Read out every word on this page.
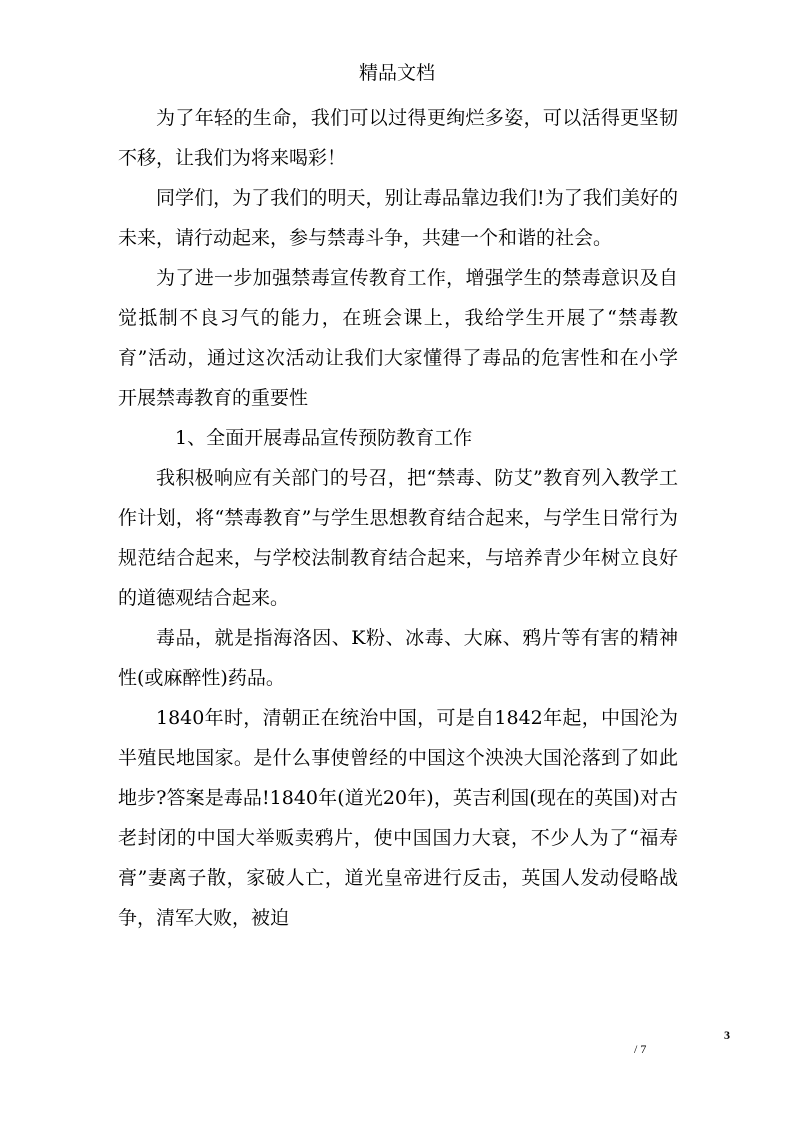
精品文档

为了年轻的生命，我们可以过得更绚烂多姿，可以活得更坚韧不移，让我们为将来喝彩！

同学们，为了我们的明天，别让毒品靠边我们!为了我们美好的未来，请行动起来，参与禁毒斗争，共建一个和谐的社会。

为了进一步加强禁毒宣传教育工作，增强学生的禁毒意识及自觉抵制不良习气的能力，在班会课上，我给学生开展了“禁毒教育”活动，通过这次活动让我们大家懂得了毒品的危害性和在小学开展禁毒教育的重要性

1、全面开展毒品宣传预防教育工作

我积极响应有关部门的号召，把“禁毒、防艾”教育列入教学工作计划，将“禁毒教育”与学生思想教育结合起来，与学生日常行为规范结合起来，与学校法制教育结合起来，与培养青少年树立良好的道德观结合起来。

毒品，就是指海洛因、K粉、冰毒、大麻、鸦片等有害的精神性(或麻醉性)药品。

1840年时，清朝正在统治中国，可是自1842年起，中国沦为半殖民地国家。是什么事使曾经的中国这个泱泱大国沦落到了如此地步?答案是毒品!1840年(道光20年)，英吉利国(现在的英国)对古老封闭的中国大举贩卖鸦片，使中国国力大衰，不少人为了“福寿膏”妻离子散，家破人亡，道光皇帝进行反击，英国人发动侵略战争，清军大败，被迫

3
/ 7
